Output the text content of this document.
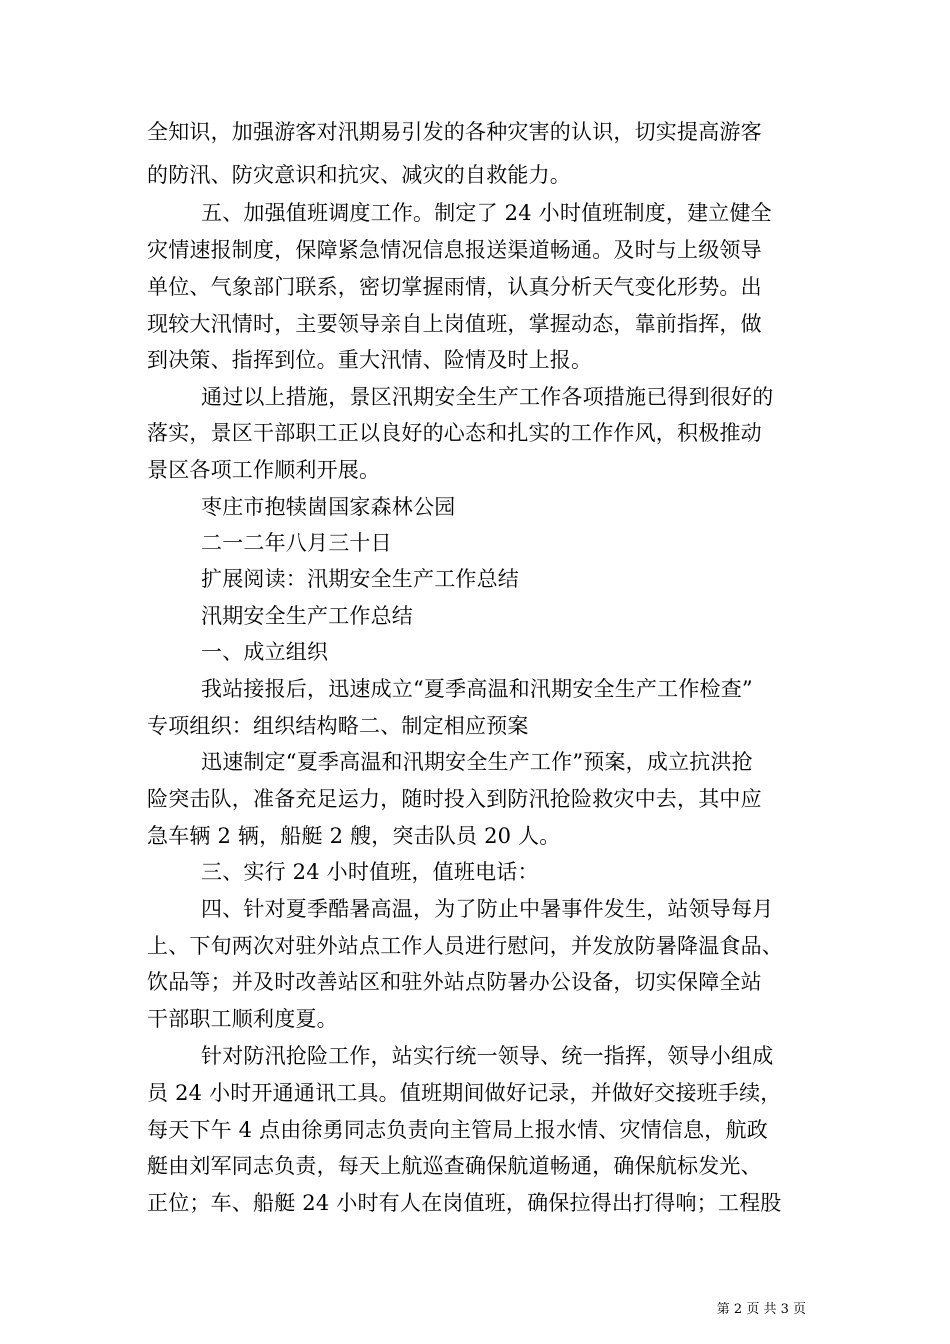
全知识，加强游客对汛期易引发的各种灾害的认识，切实提高游客
的防汛、防灾意识和抗灾、减灾的自救能力。
五、加强值班调度工作。制定了 24 小时值班制度，建立健全
灾情速报制度，保障紧急情况信息报送渠道畅通。及时与上级领导
单位、气象部门联系，密切掌握雨情，认真分析天气变化形势。出
现较大汛情时，主要领导亲自上岗值班，掌握动态，靠前指挥，做
到决策、指挥到位。重大汛情、险情及时上报。
通过以上措施，景区汛期安全生产工作各项措施已得到很好的
落实，景区干部职工正以良好的心态和扎实的工作作风，积极推动
景区各项工作顺利开展。
枣庄市抱犊崮国家森林公园
二一二年八月三十日
扩展阅读：汛期安全生产工作总结
汛期安全生产工作总结
一、成立组织
我站接报后，迅速成立“夏季高温和汛期安全生产工作检查”
专项组织：组织结构略二、制定相应预案
迅速制定“夏季高温和汛期安全生产工作”预案，成立抗洪抢
险突击队，准备充足运力，随时投入到防汛抢险救灾中去，其中应
急车辆 2 辆，船艇 2 艘，突击队员 20 人。
三、实行 24 小时值班，值班电话：
四、针对夏季酷暑高温，为了防止中暑事件发生，站领导每月
上、下旬两次对驻外站点工作人员进行慰问，并发放防暑降温食品、
饮品等；并及时改善站区和驻外站点防暑办公设备，切实保障全站
干部职工顺利度夏。
针对防汛抢险工作，站实行统一领导、统一指挥，领导小组成
员 24 小时开通通讯工具。值班期间做好记录，并做好交接班手续，
每天下午 4 点由徐勇同志负责向主管局上报水情、灾情信息，航政
艇由刘军同志负责，每天上航巡查确保航道畅通，确保航标发光、
正位；车、船艇 24 小时有人在岗值班，确保拉得出打得响；工程股
第 2 页 共 3 页
